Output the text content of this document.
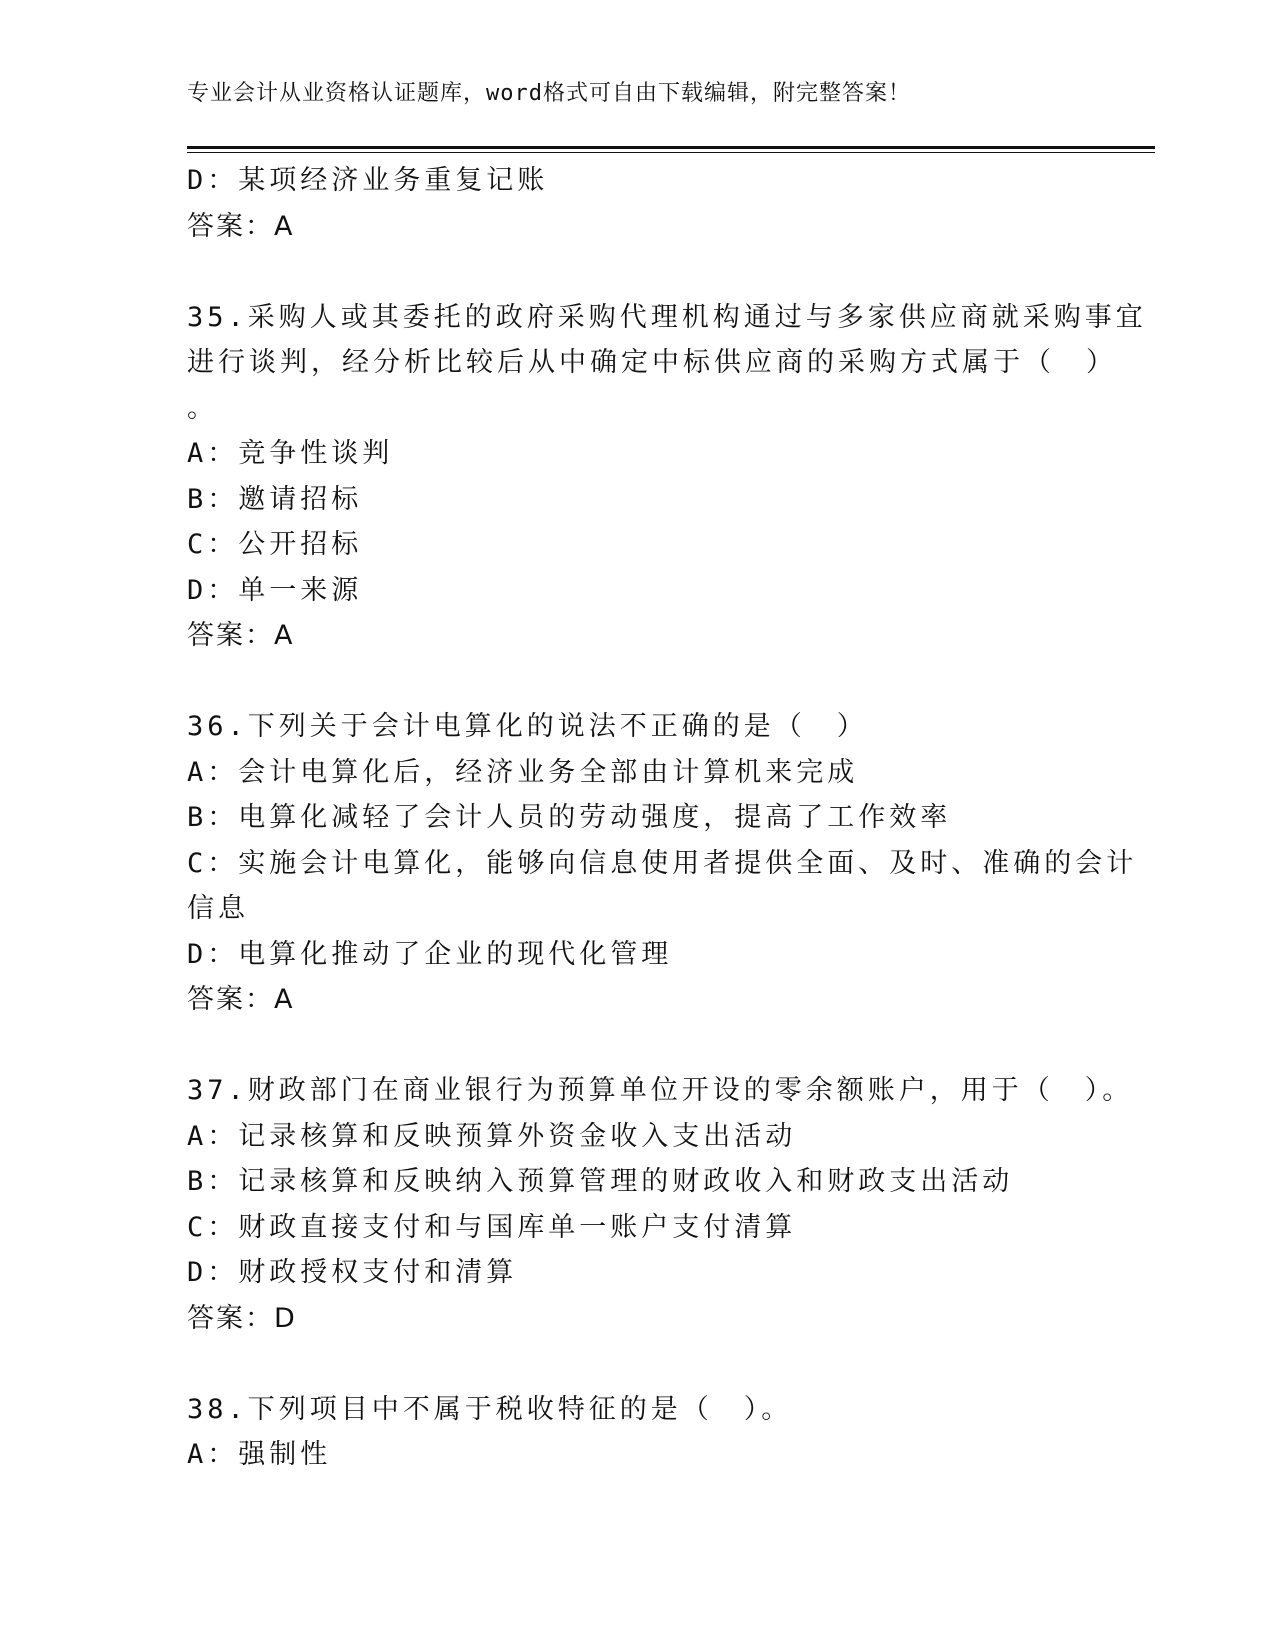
专业会计从业资格认证题库，word格式可自由下载编辑，附完整答案！
D：某项经济业务重复记账
答案：A
35.采购人或其委托的政府采购代理机构通过与多家供应商就采购事宜
进行谈判，经分析比较后从中确定中标供应商的采购方式属于（　）
。
A：竞争性谈判
B：邀请招标
C：公开招标
D：单一来源
答案：A
36.下列关于会计电算化的说法不正确的是（　）
A：会计电算化后，经济业务全部由计算机来完成
B：电算化减轻了会计人员的劳动强度，提高了工作效率
C：实施会计电算化，能够向信息使用者提供全面、及时、准确的会计
信息
D：电算化推动了企业的现代化管理
答案：A
37.财政部门在商业银行为预算单位开设的零余额账户，用于（　）。
A：记录核算和反映预算外资金收入支出活动
B：记录核算和反映纳入预算管理的财政收入和财政支出活动
C：财政直接支付和与国库单一账户支付清算
D：财政授权支付和清算
答案：D
38.下列项目中不属于税收特征的是（　）。
A：强制性
